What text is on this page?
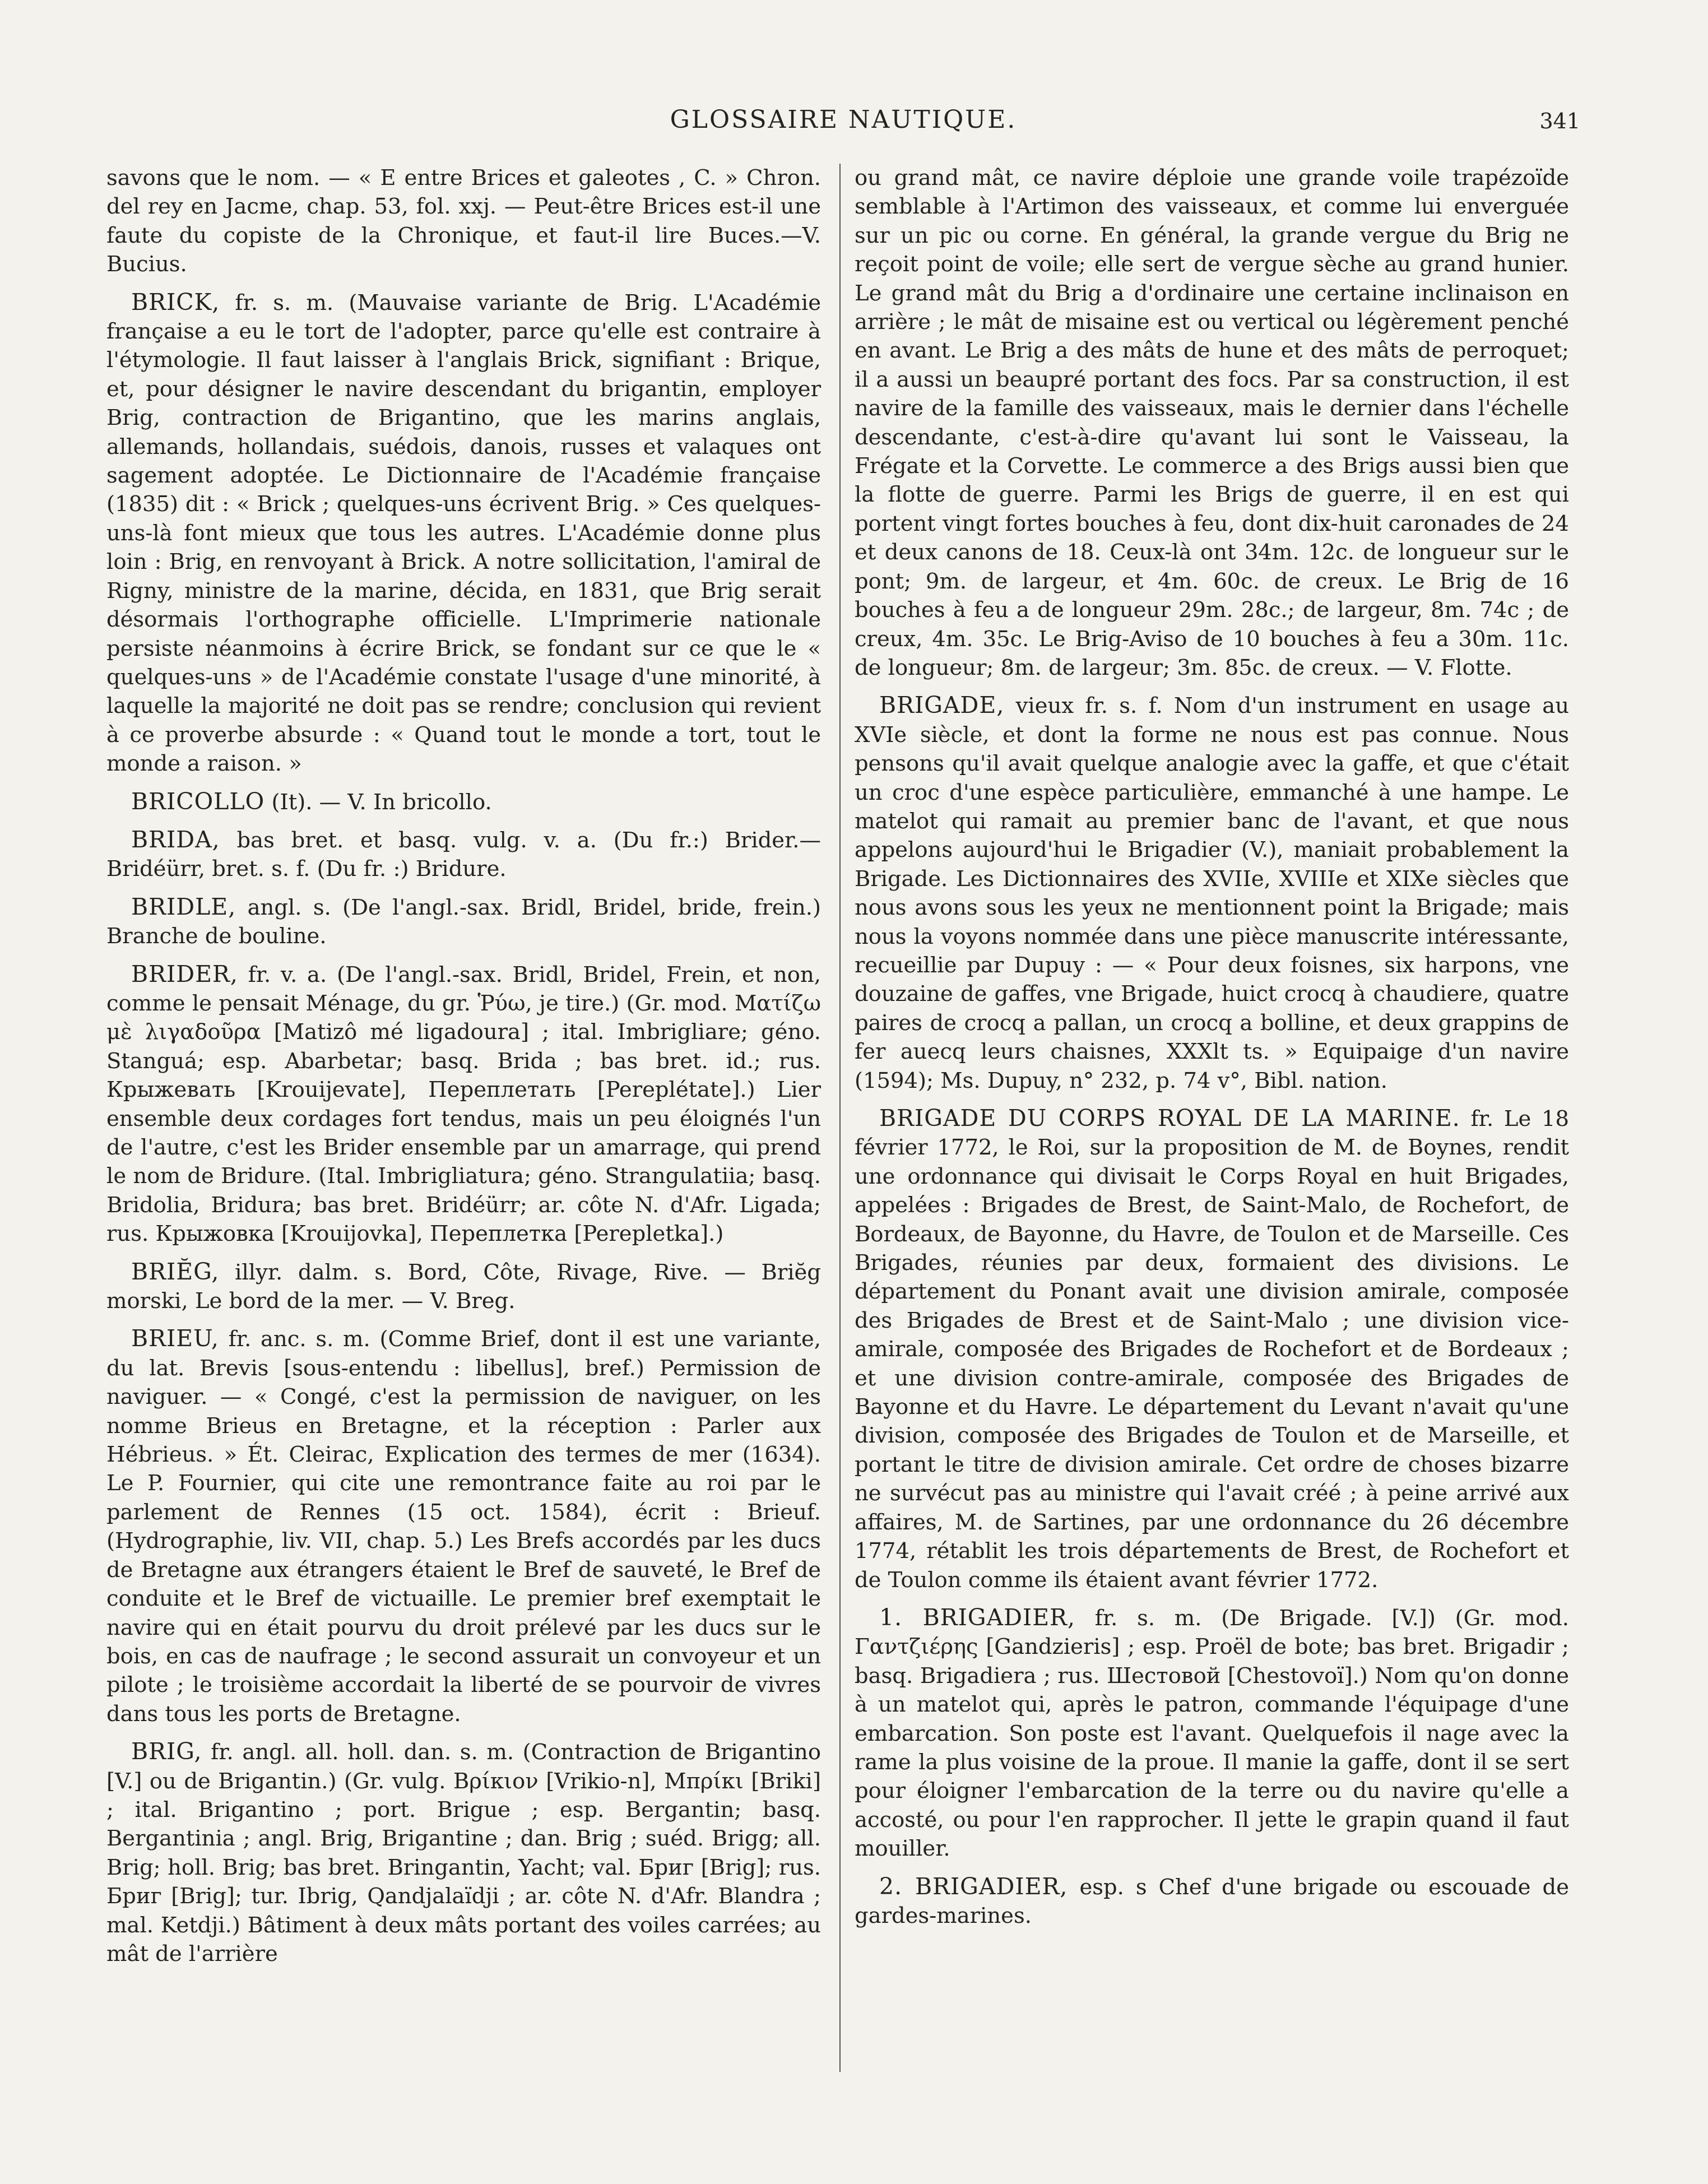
GLOSSAIRE NAUTIQUE.	341

savons que le nom. — « E entre Brices et galeotes , C. » Chron. del rey en Jacme, chap. 53, fol. xxj. — Peut-être Brices est-il une faute du copiste de la Chronique, et faut-il lire Buces.—V. Bucius.

BRICK, fr. s. m. (Mauvaise variante de Brig. L'Académie française a eu le tort de l'adopter, parce qu'elle est contraire à l'étymologie. Il faut laisser à l'anglais Brick, signifiant : Brique, et, pour désigner le navire descendant du brigantin, employer Brig, contraction de Brigantino, que les marins anglais, allemands, hollandais, suédois, danois, russes et valaques ont sagement adoptée. Le Dictionnaire de l'Académie française (1835) dit : « Brick ; quelques-uns écrivent Brig. » Ces quelques-uns-là font mieux que tous les autres. L'Académie donne plus loin : Brig, en renvoyant à Brick. A notre sollicitation, l'amiral de Rigny, ministre de la marine, décida, en 1831, que Brig serait désormais l'orthographe officielle. L'Imprimerie nationale persiste néanmoins à écrire Brick, se fondant sur ce que le « quelques-uns » de l'Académie constate l'usage d'une minorité, à laquelle la majorité ne doit pas se rendre; conclusion qui revient à ce proverbe absurde : « Quand tout le monde a tort, tout le monde a raison. »

BRICOLLO (It). — V. In bricollo.

BRIDA, bas bret. et basq. vulg. v. a. (Du fr.:) Brider.— Bridéürr, bret. s. f. (Du fr. :) Bridure.

BRIDLE, angl. s. (De l'angl.-sax. Bridl, Bridel, bride, frein.) Branche de bouline.

BRIDER, fr. v. a. (De l'angl.-sax. Bridl, Bridel, Frein, et non, comme le pensait Ménage, du gr. Ῥύω, je tire.) (Gr. mod. Ματίζω μὲ λιγαδοῦρα [Matizô mé ligadoura] ; ital. Imbrigliare; géno. Stanguá; esp. Abarbetar; basq. Brida ; bas bret. id.; rus. Крыжевать [Krouijevate], Переплетать [Pereplétate].) Lier ensemble deux cordages fort tendus, mais un peu éloignés l'un de l'autre, c'est les Brider ensemble par un amarrage, qui prend le nom de Bridure. (Ital. Imbrigliatura; géno. Strangulatiia; basq. Bridolia, Bridura; bas bret. Bridéürr; ar. côte N. d'Afr. Ligada; rus. Крыжовка [Krouijovka], Переплетка [Perepletka].)

BRIĔG, illyr. dalm. s. Bord, Côte, Rivage, Rive. — Briĕg morski, Le bord de la mer. — V. Breg.

BRIEU, fr. anc. s. m. (Comme Brief, dont il est une variante, du lat. Brevis [sous-entendu : libellus], bref.) Permission de naviguer. — « Congé, c'est la permission de naviguer, on les nomme Brieus en Bretagne, et la réception : Parler aux Hébrieus. » Ét. Cleirac, Explication des termes de mer (1634). Le P. Fournier, qui cite une remontrance faite au roi par le parlement de Rennes (15 oct. 1584), écrit : Brieuf. (Hydrographie, liv. VII, chap. 5.) Les Brefs accordés par les ducs de Bretagne aux étrangers étaient le Bref de sauveté, le Bref de conduite et le Bref de victuaille. Le premier bref exemptait le navire qui en était pourvu du droit prélevé par les ducs sur le bois, en cas de naufrage ; le second assurait un convoyeur et un pilote ; le troisième accordait la liberté de se pourvoir de vivres dans tous les ports de Bretagne.

BRIG, fr. angl. all. holl. dan. s. m. (Contraction de Brigantino [V.] ou de Brigantin.) (Gr. vulg. Βρίκιον [Vrikio-n], Μπρίκι [Briki] ; ital. Brigantino ; port. Brigue ; esp. Bergantin; basq. Bergantinia ; angl. Brig, Brigantine ; dan. Brig ; suéd. Brigg; all. Brig; holl. Brig; bas bret. Bringantin, Yacht; val. Бриг [Brig]; rus. Бриг [Brig]; tur. Ibrig, Qandjalaïdji ; ar. côte N. d'Afr. Blandra ; mal. Ketdji.) Bâtiment à deux mâts portant des voiles carrées; au mât de l'arrière

ou grand mât, ce navire déploie une grande voile trapézoïde semblable à l'Artimon des vaisseaux, et comme lui enverguée sur un pic ou corne. En général, la grande vergue du Brig ne reçoit point de voile; elle sert de vergue sèche au grand hunier. Le grand mât du Brig a d'ordinaire une certaine inclinaison en arrière ; le mât de misaine est ou vertical ou légèrement penché en avant. Le Brig a des mâts de hune et des mâts de perroquet; il a aussi un beaupré portant des focs. Par sa construction, il est navire de la famille des vaisseaux, mais le dernier dans l'échelle descendante, c'est-à-dire qu'avant lui sont le Vaisseau, la Frégate et la Corvette. Le commerce a des Brigs aussi bien que la flotte de guerre. Parmi les Brigs de guerre, il en est qui portent vingt fortes bouches à feu, dont dix-huit caronades de 24 et deux canons de 18. Ceux-là ont 34m. 12c. de longueur sur le pont; 9m. de largeur, et 4m. 60c. de creux. Le Brig de 16 bouches à feu a de longueur 29m. 28c.; de largeur, 8m. 74c ; de creux, 4m. 35c. Le Brig-Aviso de 10 bouches à feu a 30m. 11c. de longueur; 8m. de largeur; 3m. 85c. de creux. — V. Flotte.

BRIGADE, vieux fr. s. f. Nom d'un instrument en usage au XVIe siècle, et dont la forme ne nous est pas connue. Nous pensons qu'il avait quelque analogie avec la gaffe, et que c'était un croc d'une espèce particulière, emmanché à une hampe. Le matelot qui ramait au premier banc de l'avant, et que nous appelons aujourd'hui le Brigadier (V.), maniait probablement la Brigade. Les Dictionnaires des XVIIe, XVIIIe et XIXe siècles que nous avons sous les yeux ne mentionnent point la Brigade; mais nous la voyons nommée dans une pièce manuscrite intéressante, recueillie par Dupuy : — « Pour deux foisnes, six harpons, vne douzaine de gaffes, vne Brigade, huict crocq à chaudiere, quatre paires de crocq a pallan, un crocq a bolline, et deux grappins de fer auecq leurs chaisnes, XXXlt ts. » Equipaige d'un navire (1594); Ms. Dupuy, n° 232, p. 74 v°, Bibl. nation.

BRIGADE DU CORPS ROYAL DE LA MARINE. fr. Le 18 février 1772, le Roi, sur la proposition de M. de Boynes, rendit une ordonnance qui divisait le Corps Royal en huit Brigades, appelées : Brigades de Brest, de Saint-Malo, de Rochefort, de Bordeaux, de Bayonne, du Havre, de Toulon et de Marseille. Ces Brigades, réunies par deux, formaient des divisions. Le département du Ponant avait une division amirale, composée des Brigades de Brest et de Saint-Malo ; une division vice-amirale, composée des Brigades de Rochefort et de Bordeaux ; et une division contre-amirale, composée des Brigades de Bayonne et du Havre. Le département du Levant n'avait qu'une division, composée des Brigades de Toulon et de Marseille, et portant le titre de division amirale. Cet ordre de choses bizarre ne survécut pas au ministre qui l'avait créé ; à peine arrivé aux affaires, M. de Sartines, par une ordonnance du 26 décembre 1774, rétablit les trois départements de Brest, de Rochefort et de Toulon comme ils étaient avant février 1772.

1. BRIGADIER, fr. s. m. (De Brigade. [V.]) (Gr. mod. Γαντζιέρης [Gandzieris] ; esp. Proël de bote; bas bret. Brigadir ; basq. Brigadiera ; rus. Шестовой [Chestovoï].) Nom qu'on donne à un matelot qui, après le patron, commande l'équipage d'une embarcation. Son poste est l'avant. Quelquefois il nage avec la rame la plus voisine de la proue. Il manie la gaffe, dont il se sert pour éloigner l'embarcation de la terre ou du navire qu'elle a accosté, ou pour l'en rapprocher. Il jette le grapin quand il faut mouiller.

2. BRIGADIER, esp. s Chef d'une brigade ou escouade de gardes-marines.
